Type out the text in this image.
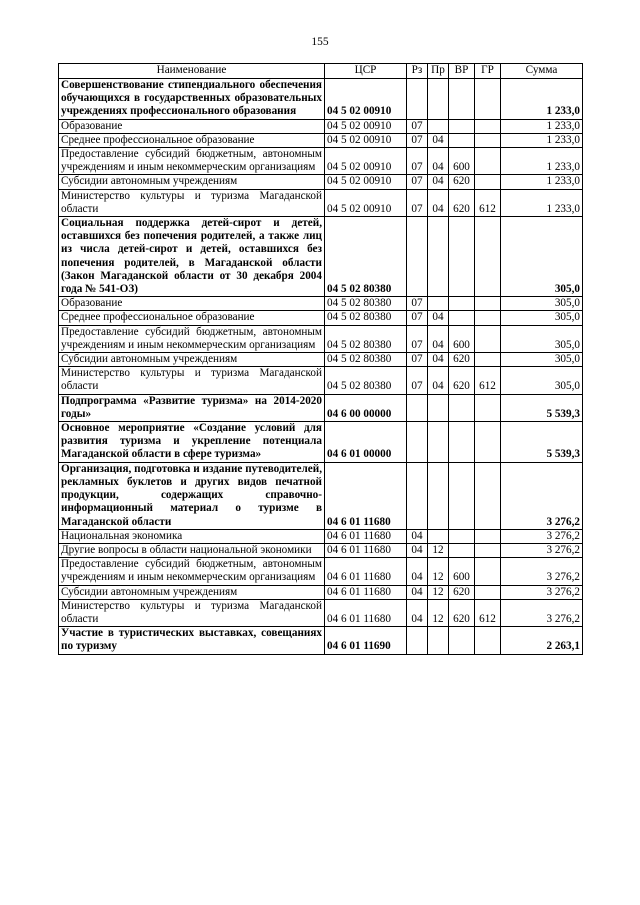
155
Наименование	ЦСР	Рз	Пр	ВР	ГР	Сумма
Совершенствование стипендиального обеспечения обучающихся в государственных образовательных учреждениях профессионального образования	04 5 02 00910					1 233,0
Образование	04 5 02 00910	07				1 233,0
Среднее профессиональное образование	04 5 02 00910	07	04			1 233,0
Предоставление субсидий бюджетным, автономным учреждениям и иным некоммерческим организациям	04 5 02 00910	07	04	600		1 233,0
Субсидии автономным учреждениям	04 5 02 00910	07	04	620		1 233,0
Министерство культуры и туризма Магаданской области	04 5 02 00910	07	04	620	612	1 233,0
Социальная поддержка детей-сирот и детей, оставшихся без попечения родителей, а также лиц из числа детей-сирот и детей, оставшихся без попечения родителей, в Магаданской области (Закон Магаданской области от 30 декабря 2004 года № 541-ОЗ)	04 5 02 80380					305,0
Образование	04 5 02 80380	07				305,0
Среднее профессиональное образование	04 5 02 80380	07	04			305,0
Предоставление субсидий бюджетным, автономным учреждениям и иным некоммерческим организациям	04 5 02 80380	07	04	600		305,0
Субсидии автономным учреждениям	04 5 02 80380	07	04	620		305,0
Министерство культуры и туризма Магаданской области	04 5 02 80380	07	04	620	612	305,0
Подпрограмма «Развитие туризма» на 2014-2020 годы»	04 6 00 00000					5 539,3
Основное мероприятие «Создание условий для развития туризма и укрепление потенциала Магаданской области в сфере туризма»	04 6 01 00000					5 539,3
Организация, подготовка и издание путеводителей, рекламных буклетов и других видов печатной продукции, содержащих справочно-информационный материал о туризме в Магаданской области	04 6 01 11680					3 276,2
Национальная экономика	04 6 01 11680	04				3 276,2
Другие вопросы в области национальной экономики	04 6 01 11680	04	12			3 276,2
Предоставление субсидий бюджетным, автономным учреждениям и иным некоммерческим организациям	04 6 01 11680	04	12	600		3 276,2
Субсидии автономным учреждениям	04 6 01 11680	04	12	620		3 276,2
Министерство культуры и туризма Магаданской области	04 6 01 11680	04	12	620	612	3 276,2
Участие в туристических выставках, совещаниях по туризму	04 6 01 11690					2 263,1
